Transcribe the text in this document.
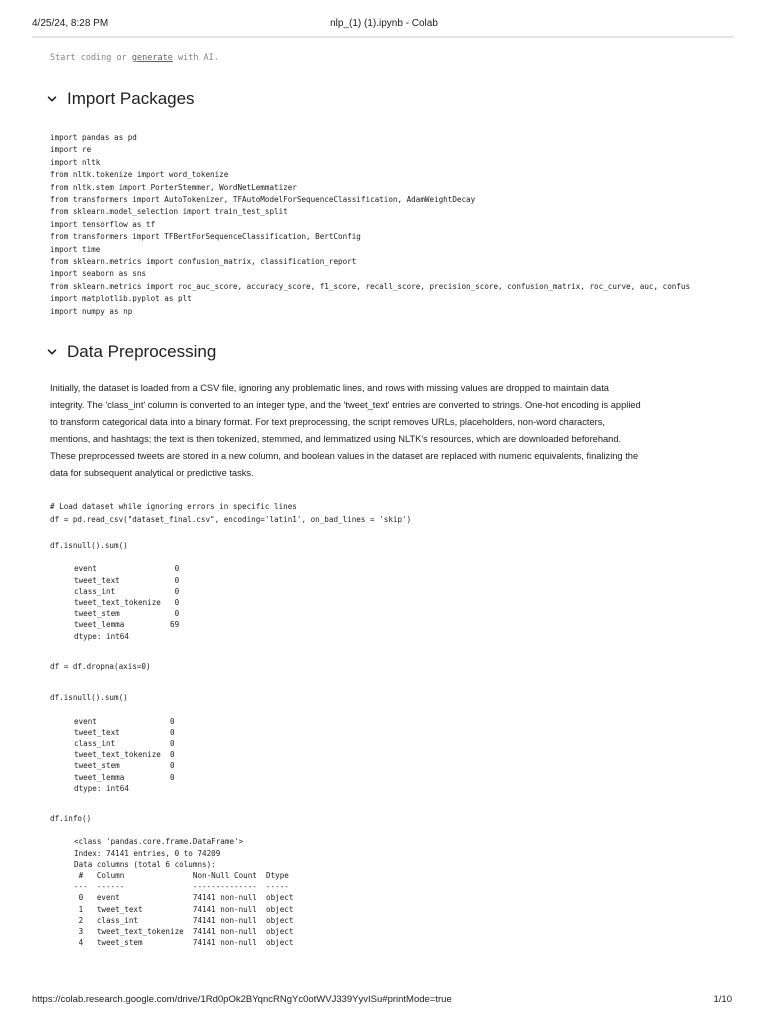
4/25/24, 8:28 PM	nlp_(1) (1).ipynb - Colab
Start coding or generate with AI.
Import Packages
import pandas as pd
import re
import nltk
from nltk.tokenize import word_tokenize
from nltk.stem import PorterStemmer, WordNetLemmatizer
from transformers import AutoTokenizer, TFAutoModelForSequenceClassification, AdamWeightDecay
from sklearn.model_selection import train_test_split
import tensorflow as tf
from transformers import TFBertForSequenceClassification, BertConfig
import time
from sklearn.metrics import confusion_matrix, classification_report
import seaborn as sns
from sklearn.metrics import roc_auc_score, accuracy_score, f1_score, recall_score, precision_score, confusion_matrix, roc_curve, auc, confus
import matplotlib.pyplot as plt
import numpy as np
Data Preprocessing
Initially, the dataset is loaded from a CSV file, ignoring any problematic lines, and rows with missing values are dropped to maintain data
integrity. The 'class_int' column is converted to an integer type, and the 'tweet_text' entries are converted to strings. One-hot encoding is applied
to transform categorical data into a binary format. For text preprocessing, the script removes URLs, placeholders, non-word characters,
mentions, and hashtags; the text is then tokenized, stemmed, and lemmatized using NLTK's resources, which are downloaded beforehand.
These preprocessed tweets are stored in a new column, and boolean values in the dataset are replaced with numeric equivalents, finalizing the
data for subsequent analytical or predictive tasks.
# Load dataset while ignoring errors in specific lines
df = pd.read_csv("dataset_final.csv", encoding='latin1', on_bad_lines = 'skip')
df.isnull().sum()
event                 0
tweet_text            0
class_int             0
tweet_text_tokenize   0
tweet_stem            0
tweet_lemma          69
dtype: int64
df = df.dropna(axis=0)
df.isnull().sum()
event                0
tweet_text           0
class_int            0
tweet_text_tokenize  0
tweet_stem           0
tweet_lemma          0
dtype: int64
df.info()
<class 'pandas.core.frame.DataFrame'>
Index: 74141 entries, 0 to 74209
Data columns (total 6 columns):
#   Column               Non-Null Count  Dtype
---  ------               --------------  -----
0   event                74141 non-null  object
1   tweet_text           74141 non-null  object
2   class_int            74141 non-null  object
3   tweet_text_tokenize  74141 non-null  object
4   tweet_stem           74141 non-null  object
https://colab.research.google.com/drive/1Rd0pOk2BYqncRNgYc0otWVJ339YyvISu#printMode=true	1/10
